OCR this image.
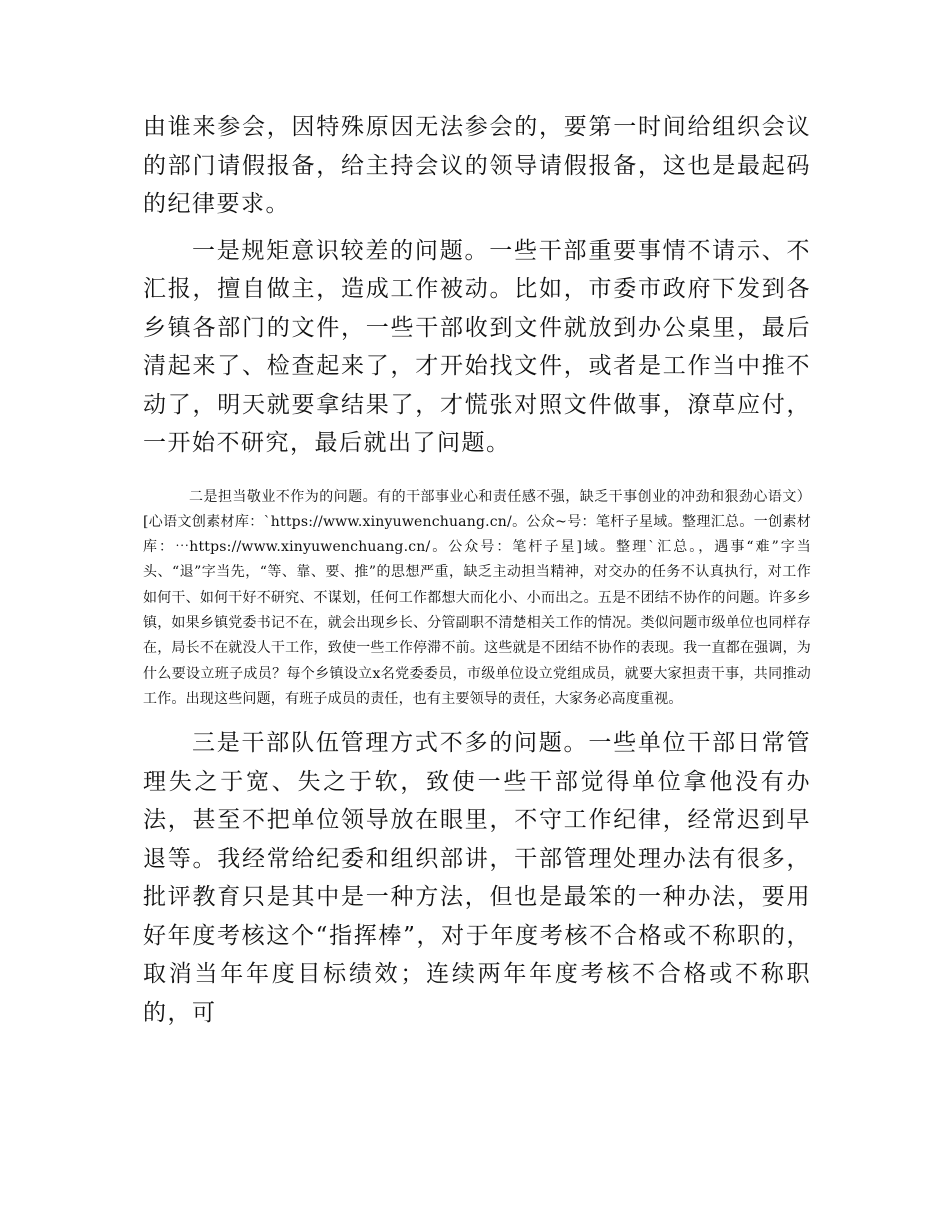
由谁来参会，因特殊原因无法参会的，要第一时间给组织会议的部门请假报备，给主持会议的领导请假报备，这也是最起码的纪律要求。

一是规矩意识较差的问题。一些干部重要事情不请示、不汇报，擅自做主，造成工作被动。比如，市委市政府下发到各乡镇各部门的文件，一些干部收到文件就放到办公桌里，最后清起来了、检查起来了，才开始找文件，或者是工作当中推不动了，明天就要拿结果了，才慌张对照文件做事，潦草应付，一开始不研究，最后就出了问题。

二是担当敬业不作为的问题。有的干部事业心和责任感不强，缺乏干事创业的冲劲和狠劲心语文）[心语文创素材库：`https://www.xinyuwenchuang.cn/。公众~号：笔杆子星域。整理汇总。一创素材库：⋯https://www.xinyuwenchuang.cn/。公众号：笔杆子星]域。整理`汇总。，遇事“难”字当头、“退”字当先，“等、靠、要、推”的思想严重，缺乏主动担当精神，对交办的任务不认真执行，对工作如何干、如何干好不研究、不谋划，任何工作都想大而化小、小而出之。五是不团结不协作的问题。许多乡镇，如果乡镇党委书记不在，就会出现乡长、分管副职不清楚相关工作的情况。类似问题市级单位也同样存在，局长不在就没人干工作，致使一些工作停滞不前。这些就是不团结不协作的表现。我一直都在强调，为什么要设立班子成员？每个乡镇设立x名党委委员，市级单位设立党组成员，就要大家担责干事，共同推动工作。出现这些问题，有班子成员的责任，也有主要领导的责任，大家务必高度重视。

三是干部队伍管理方式不多的问题。一些单位干部日常管理失之于宽、失之于软，致使一些干部觉得单位拿他没有办法，甚至不把单位领导放在眼里，不守工作纪律，经常迟到早退等。我经常给纪委和组织部讲，干部管理处理办法有很多，批评教育只是其中是一种方法，但也是最笨的一种办法，要用好年度考核这个“指挥棒”，对于年度考核不合格或不称职的，取消当年年度目标绩效；连续两年年度考核不合格或不称职的，可
